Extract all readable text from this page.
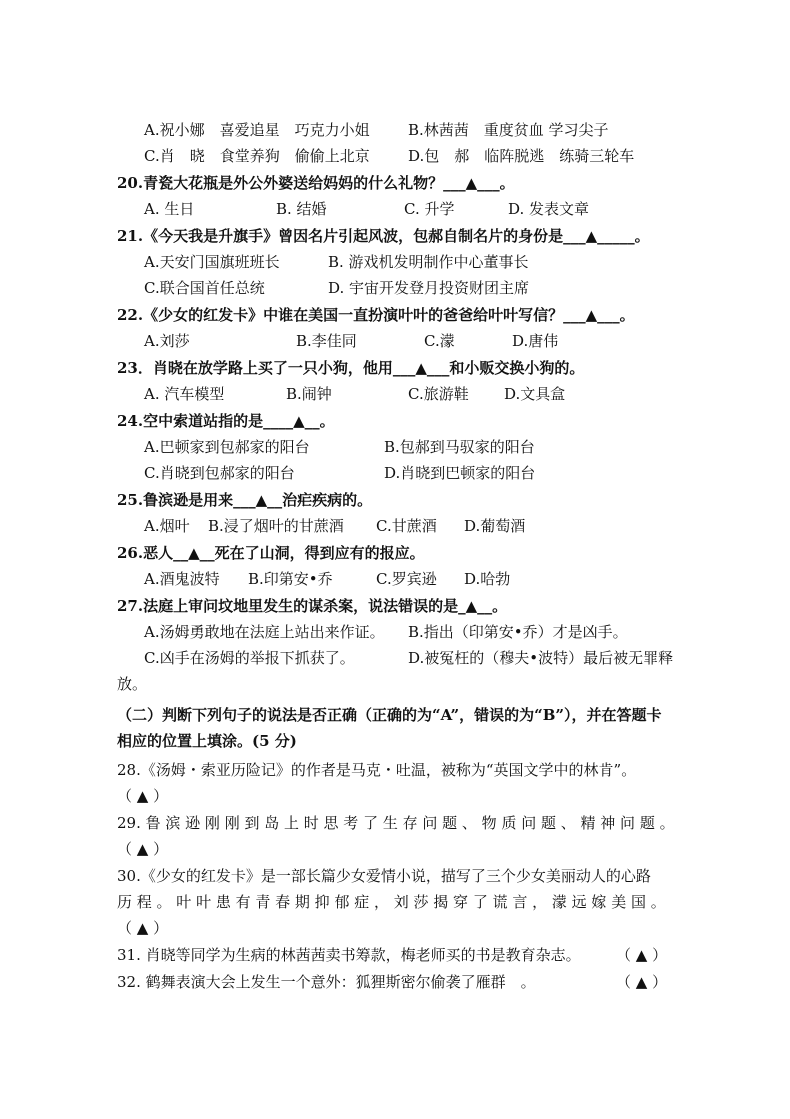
A.祝小娜　喜爱追星　巧克力小姐	B.林茜茜　重度贫血 学习尖子
C.肖　晓　食堂养狗　偷偷上北京	D.包　郝　临阵脱逃　练骑三轮车
20.青瓷大花瓶是外公外婆送给妈妈的什么礼物？___▲___。
A. 生日	B. 结婚	C. 升学	D. 发表文章
21.《今天我是升旗手》曾因名片引起风波，包郝自制名片的身份是___▲_____。
A.天安门国旗班班长	B. 游戏机发明制作中心董事长
C.联合国首任总统	D. 宇宙开发登月投资财团主席
22.《少女的红发卡》中谁在美国一直扮演叶叶的爸爸给叶叶写信？___▲___。
A.刘莎	B.李佳同	C.濛	D.唐伟
23．肖晓在放学路上买了一只小狗，他用___▲___和小贩交换小狗的。
A. 汽车模型	B.闹钟	C.旅游鞋 D.文具盒
24.空中索道站指的是____▲__。
A.巴顿家到包郝家的阳台	B.包郝到马驭家的阳台
C.肖晓到包郝家的阳台	D.肖晓到巴顿家的阳台
25.鲁滨逊是用来___▲__治疟疾病的。
A.烟叶 B.浸了烟叶的甘蔗酒 C.甘蔗酒 D.葡萄酒
26.恶人__▲__死在了山洞，得到应有的报应。
A.酒鬼波特 B.印第安•乔	C.罗宾逊 D.哈勃
27.法庭上审问坟地里发生的谋杀案，说法错误的是_▲__。
A.汤姆勇敢地在法庭上站出来作证。 B.指出（印第安•乔）才是凶手。
C.凶手在汤姆的举报下抓获了。	D.被冤枉的（穆夫•波特）最后被无罪释
放。
（二）判断下列句子的说法是否正确（正确的为“A”，错误的为“B”），并在答题卡
相应的位置上填涂。(5 分)
28.《汤姆・索亚历险记》的作者是马克・吐温，被称为“英国文学中的林肯”。
（ ▲ ）
29. 鲁 滨 逊 刚 刚 到 岛 上 时 思 考 了 生 存 问 题 、 物 质 问 题 、 精 神 问 题 。
（ ▲ ）
30.《少女的红发卡》是一部长篇少女爱情小说，描写了三个少女美丽动人的心路
历 程 。 叶 叶 患 有 青 春 期 抑 郁 症 ， 刘 莎 揭 穿 了 谎 言 ， 濛 远 嫁 美 国 。
（ ▲ ）
31. 肖晓等同学为生病的林茜茜卖书筹款，梅老师买的书是教育杂志。 （ ▲ ）
32. 鹤舞表演大会上发生一个意外：狐狸斯密尔偷袭了雁群　。	（ ▲ ）
